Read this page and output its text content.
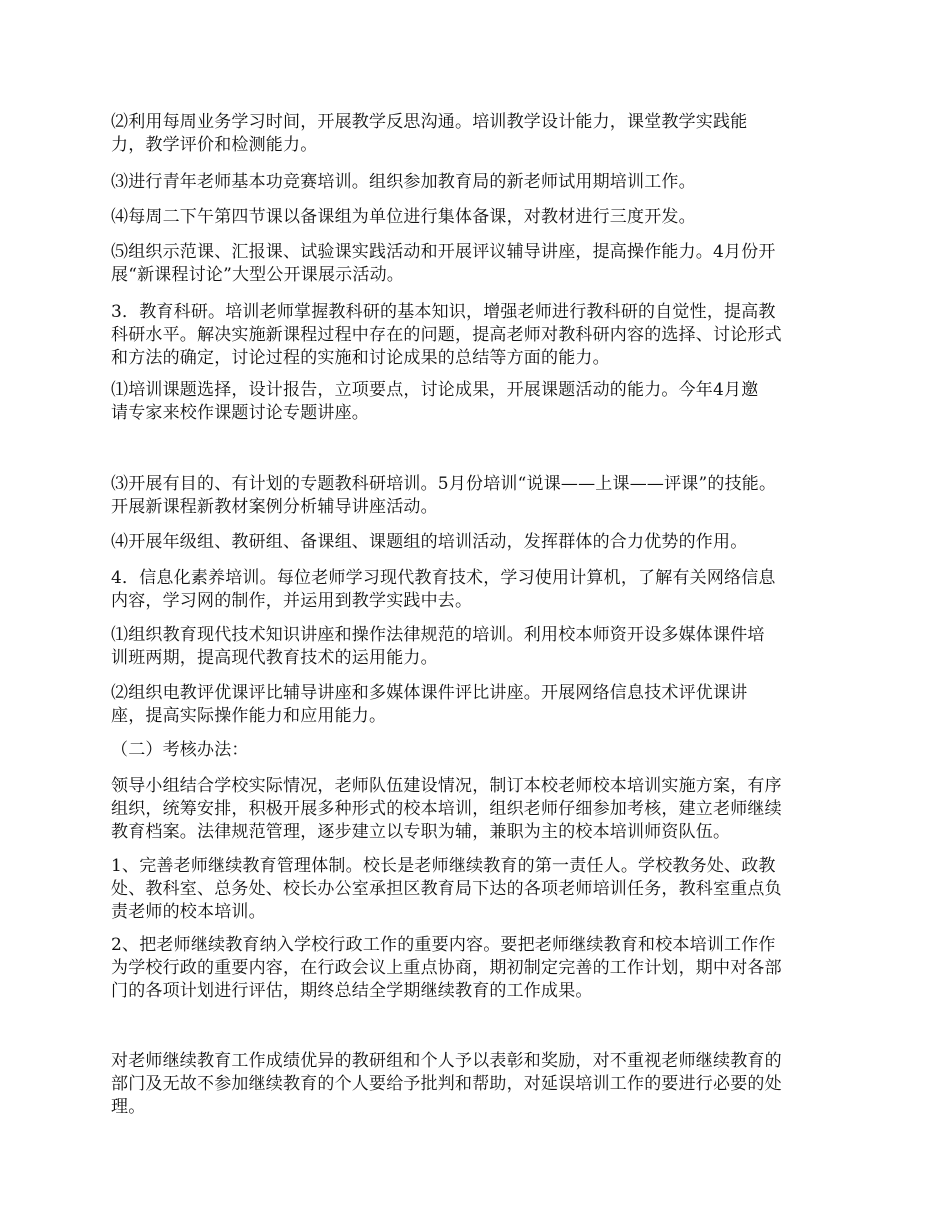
⑵利用每周业务学习时间，开展教学反思沟通。培训教学设计能力，课堂教学实践能
力，教学评价和检测能力。

⑶进行青年老师基本功竞赛培训。组织参加教育局的新老师试用期培训工作。

⑷每周二下午第四节课以备课组为单位进行集体备课，对教材进行三度开发。

⑸组织示范课、汇报课、试验课实践活动和开展评议辅导讲座，提高操作能力。4月份开
展“新课程讨论”大型公开课展示活动。

3．教育科研。培训老师掌握教科研的基本知识，增强老师进行教科研的自觉性，提高教
科研水平。解决实施新课程过程中存在的问题，提高老师对教科研内容的选择、讨论形式
和方法的确定，讨论过程的实施和讨论成果的总结等方面的能力。

⑴培训课题选择，设计报告，立项要点，讨论成果，开展课题活动的能力。今年4月邀
请专家来校作课题讨论专题讲座。

⑶开展有目的、有计划的专题教科研培训。5月份培训“说课——上课——评课”的技能。
开展新课程新教材案例分析辅导讲座活动。

⑷开展年级组、教研组、备课组、课题组的培训活动，发挥群体的合力优势的作用。

4．信息化素养培训。每位老师学习现代教育技术，学习使用计算机，了解有关网络信息
内容，学习网的制作，并运用到教学实践中去。

⑴组织教育现代技术知识讲座和操作法律规范的培训。利用校本师资开设多媒体课件培
训班两期，提高现代教育技术的运用能力。

⑵组织电教评优课评比辅导讲座和多媒体课件评比讲座。开展网络信息技术评优课讲
座，提高实际操作能力和应用能力。

（二）考核办法：

领导小组结合学校实际情况，老师队伍建设情况，制订本校老师校本培训实施方案，有序
组织，统筹安排，积极开展多种形式的校本培训，组织老师仔细参加考核，建立老师继续
教育档案。法律规范管理，逐步建立以专职为辅，兼职为主的校本培训师资队伍。

1、完善老师继续教育管理体制。校长是老师继续教育的第一责任人。学校教务处、政教
处、教科室、总务处、校长办公室承担区教育局下达的各项老师培训任务，教科室重点负
责老师的校本培训。

2、把老师继续教育纳入学校行政工作的重要内容。要把老师继续教育和校本培训工作作
为学校行政的重要内容，在行政会议上重点协商，期初制定完善的工作计划，期中对各部
门的各项计划进行评估，期终总结全学期继续教育的工作成果。

对老师继续教育工作成绩优异的教研组和个人予以表彰和奖励，对不重视老师继续教育的
部门及无故不参加继续教育的个人要给予批判和帮助，对延误培训工作的要进行必要的处
理。
